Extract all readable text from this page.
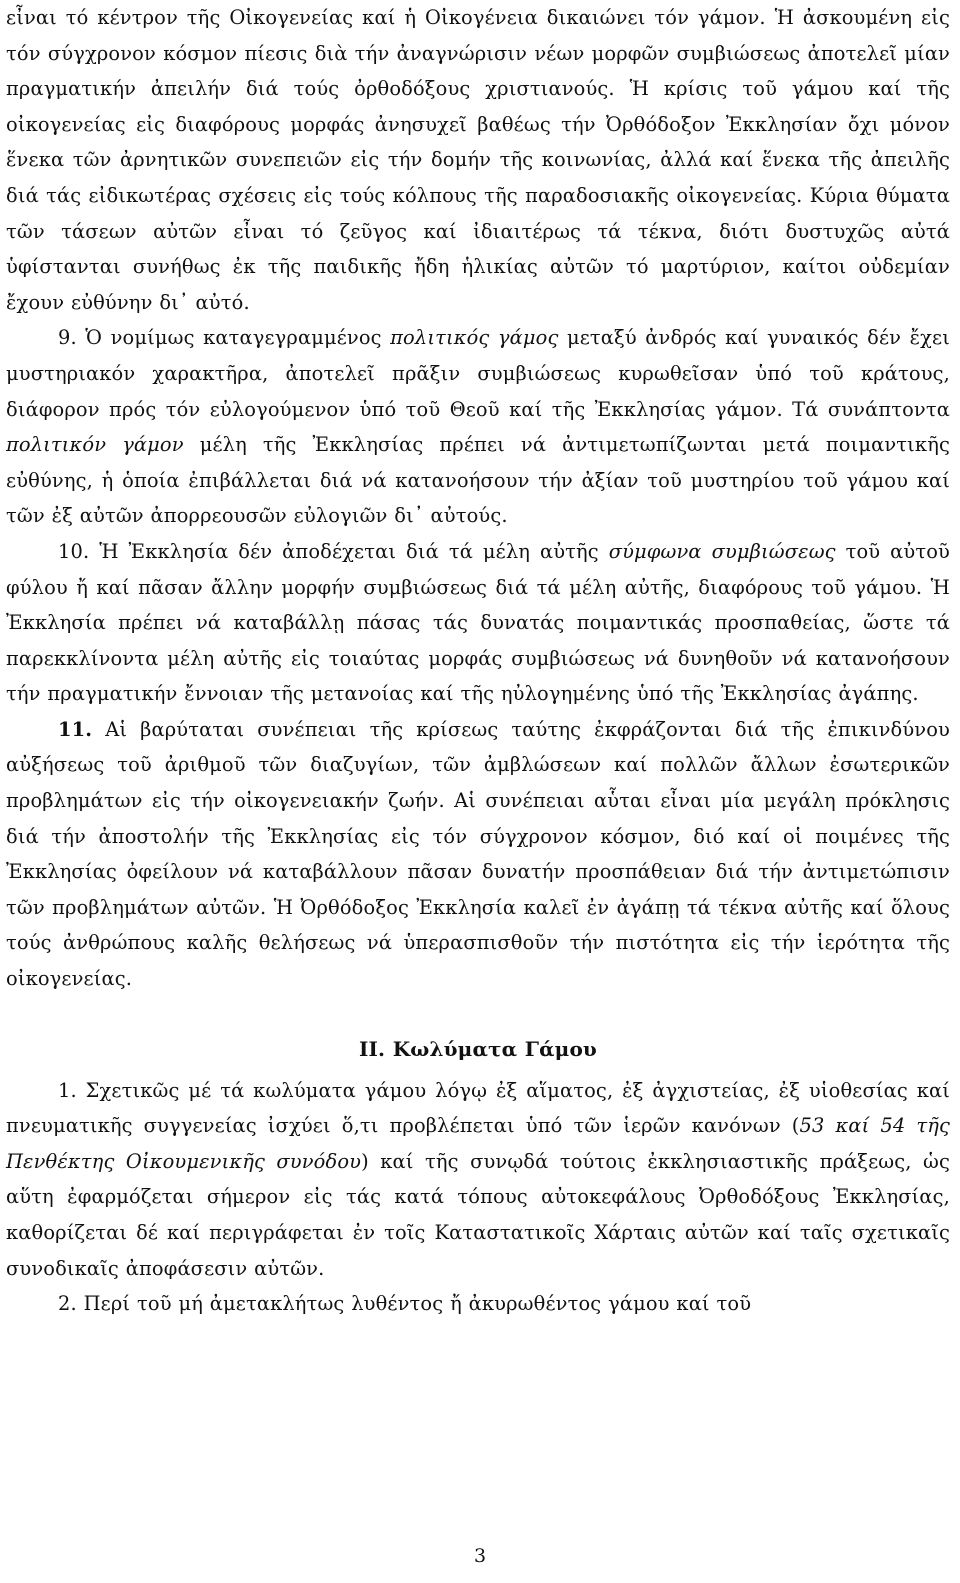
εἶναι τό κέντρον τῆς Οἰκογενείας καί ἡ Οἰκογένεια δικαιώνει τόν γάμον. Ἡ ἀσκουμένη εἰς τόν σύγχρονον κόσμον πίεσις διὰ τήν ἀναγνώρισιν νέων μορφῶν συμβιώσεως ἀποτελεῖ μίαν πραγματικήν ἀπειλήν διά τούς ὀρθοδόξους χριστιανούς. Ἡ κρίσις τοῦ γάμου καί τῆς οἰκογενείας εἰς διαφόρους μορφάς ἀνησυχεῖ βαθέως τήν Ὀρθόδοξον Ἐκκλησίαν ὄχι μόνον ἕνεκα τῶν ἀρνητικῶν συνεπειῶν εἰς τήν δομήν τῆς κοινωνίας, ἀλλά καί ἕνεκα τῆς ἀπειλῆς διά τάς εἰδικωτέρας σχέσεις εἰς τούς κόλπους τῆς παραδοσιακῆς οἰκογενείας. Κύρια θύματα τῶν τάσεων αὐτῶν εἶναι τό ζεῦγος καί ἰδιαιτέρως τά τέκνα, διότι δυστυχῶς αὐτά ὑφίστανται συνήθως ἐκ τῆς παιδικῆς ἤδη ἡλικίας αὐτῶν τό μαρτύριον, καίτοι οὐδεμίαν ἔχουν εὐθύνην δι᾽ αὐτό.

9. Ὁ νομίμως καταγεγραμμένος πολιτικός γάμος μεταξύ ἀνδρός καί γυναικός δέν ἔχει μυστηριακόν χαρακτῆρα, ἀποτελεῖ πρᾶξιν συμβιώσεως κυρωθεῖσαν ὑπό τοῦ κράτους, διάφορον πρός τόν εὐλογούμενον ὑπό τοῦ Θεοῦ καί τῆς Ἐκκλησίας γάμον. Τά συνάπτοντα πολιτικόν γάμον μέλη τῆς Ἐκκλησίας πρέπει νά ἀντιμετωπίζωνται μετά ποιμαντικῆς εὐθύνης, ἡ ὁποία ἐπιβάλλεται διά νά κατανοήσουν τήν ἀξίαν τοῦ μυστηρίου τοῦ γάμου καί τῶν ἐξ αὐτῶν ἀπορρεουσῶν εὐλογιῶν δι᾽ αὐτούς.

10. Ἡ Ἐκκλησία δέν ἀποδέχεται διά τά μέλη αὐτῆς σύμφωνα συμβιώσεως τοῦ αὐτοῦ φύλου ἤ καί πᾶσαν ἄλλην μορφήν συμβιώσεως διά τά μέλη αὐτῆς, διαφόρους τοῦ γάμου. Ἡ Ἐκκλησία πρέπει νά καταβάλλῃ πάσας τάς δυνατάς ποιμαντικάς προσπαθείας, ὥστε τά παρεκκλίνοντα μέλη αὐτῆς εἰς τοιαύτας μορφάς συμβιώσεως νά δυνηθοῦν νά κατανοήσουν τήν πραγματικήν ἔννοιαν τῆς μετανοίας καί τῆς ηὐλογημένης ὑπό τῆς Ἐκκλησίας ἀγάπης.

11. Αἱ βαρύταται συνέπειαι τῆς κρίσεως ταύτης ἐκφράζονται διά τῆς ἐπικινδύνου αὐξήσεως τοῦ ἀριθμοῦ τῶν διαζυγίων, τῶν ἀμβλώσεων καί πολλῶν ἄλλων ἐσωτερικῶν προβλημάτων εἰς τήν οἰκογενειακήν ζωήν. Αἱ συνέπειαι αὗται εἶναι μία μεγάλη πρόκλησις διά τήν ἀποστολήν τῆς Ἐκκλησίας εἰς τόν σύγχρονον κόσμον, διό καί οἱ ποιμένες τῆς Ἐκκλησίας ὀφείλουν νά καταβάλλουν πᾶσαν δυνατήν προσπάθειαν διά τήν ἀντιμετώπισιν τῶν προβλημάτων αὐτῶν. Ἡ Ὀρθόδοξος Ἐκκλησία καλεῖ ἐν ἀγάπῃ τά τέκνα αὐτῆς καί ὅλους τούς ἀνθρώπους καλῆς θελήσεως νά ὑπερασπισθοῦν τήν πιστότητα εἰς τήν ἱερότητα τῆς οἰκογενείας.

II. Κωλύματα Γάμου

1. Σχετικῶς μέ τά κωλύματα γάμου λόγῳ ἐξ αἵματος, ἐξ ἀγχιστείας, ἐξ υἱοθεσίας καί πνευματικῆς συγγενείας ἰσχύει ὅ,τι προβλέπεται ὑπό τῶν ἱερῶν κανόνων (53 καί 54 τῆς Πενθέκτης Οἰκουμενικῆς συνόδου) καί τῆς συνῳδά τούτοις ἐκκλησιαστικῆς πράξεως, ὡς αὕτη ἐφαρμόζεται σήμερον εἰς τάς κατά τόπους αὐτοκεφάλους Ὀρθοδόξους Ἐκκλησίας, καθορίζεται δέ καί περιγράφεται ἐν τοῖς Καταστατικοῖς Χάρταις αὐτῶν καί ταῖς σχετικαῖς συνοδικαῖς ἀποφάσεσιν αὐτῶν.

2. Περί τοῦ μή ἀμετακλήτως λυθέντος ἤ ἀκυρωθέντος γάμου καί τοῦ

3
